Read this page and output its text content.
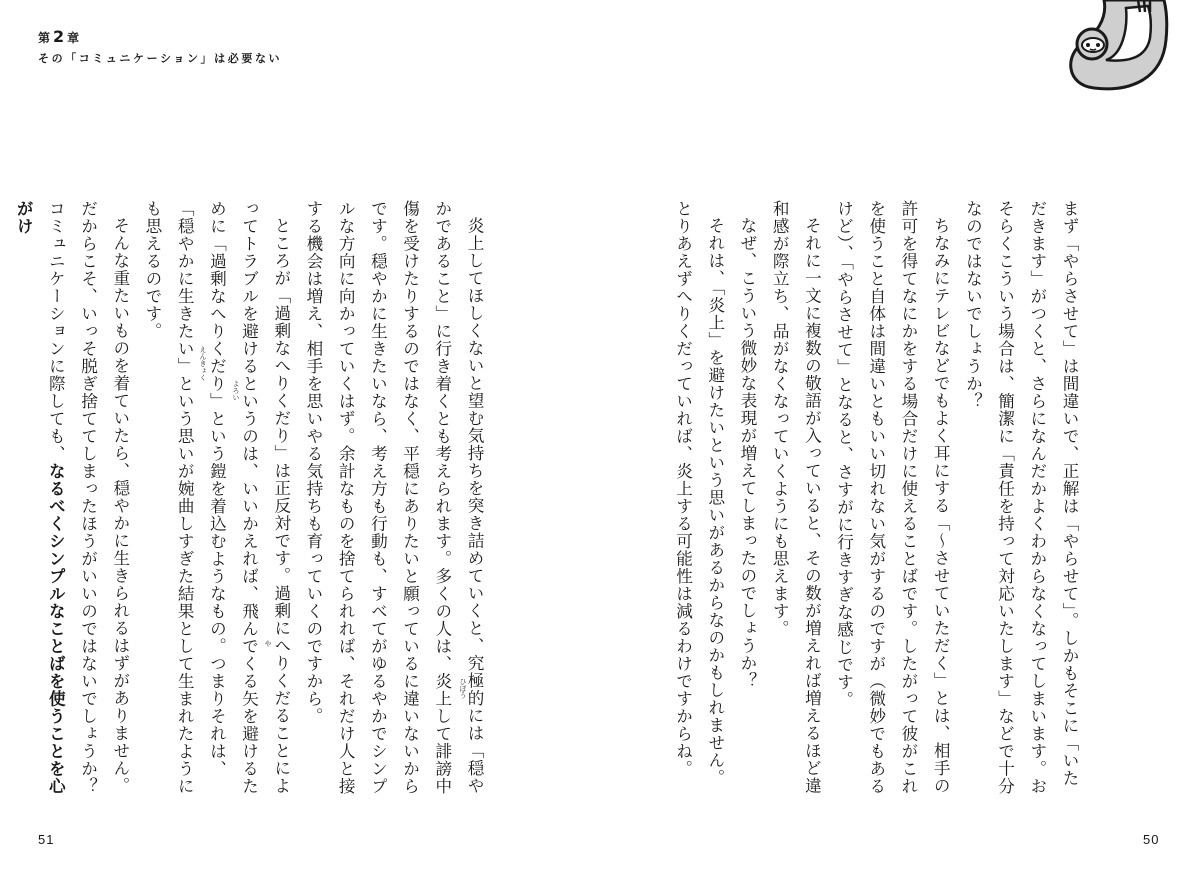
第 2 章
その「コミュニケーション」は必要ない

まず「やらさせて」は間違いで、正解は「やらせて」。しかもそこに「いただきます」がつくと、さらになんだかよくわからなくなってしまいます。おそらくこういう場合は、簡潔に「責任を持って対応いたします」などで十分なのではないでしょうか？

ちなみにテレビなどでもよく耳にする「〜させていただく」とは、相手の許可を得てなにかをする場合だけに使えることばです。したがって彼がこれを使うこと自体は間違いともいい切れない気がするのですが（微妙でもあるけど）、「やらさせて」となると、さすがに行きすぎな感じです。

それに一文に複数の敬語が入っていると、その数が増えれば増えるほど違和感が際立ち、品がなくなっていくようにも思えます。

なぜ、こういう微妙な表現が増えてしまったのでしょうか？

それは、「炎上」を避けたいという思いがあるからなのかもしれません。とりあえずへりくだっていれば、炎上する可能性は減るわけですからね。

炎上してほしくないと望む気持ちを突き詰めていくと、究極的には「穏やかであること」に行き着くとも考えられます。多くの人は、炎上して誹謗中傷を受けたりするのではなく、平穏にありたいと願っているに違いないからです。穏やかに生きたいなら、考え方も行動も、すべてがゆるやかでシンプルな方向に向かっていくはず。余計なものを捨てられれば、それだけ人と接する機会は増え、相手を思いやる気持ちも育っていくのですから。

ところが「過剰なへりくだり」は正反対です。過剰にへりくだることによってトラブルを避けるというのは、いいかえれば、飛んでくる矢を避けるために「過剰なへりくだり」という鎧を着込むようなもの。つまりそれは、「穏やかに生きたい」という思いが婉曲しすぎた結果として生まれたようにも思えるのです。

そんな重たいものを着ていたら、穏やかに生きられるはずがありません。だからこそ、いっそ脱ぎ捨ててしまったほうがいいのではないでしょうか？　コミュニケーションに際しても、なるべくシンプルなことばを使うことを心がけ

ひぼう
よろい
えんきょく
や
51	50
